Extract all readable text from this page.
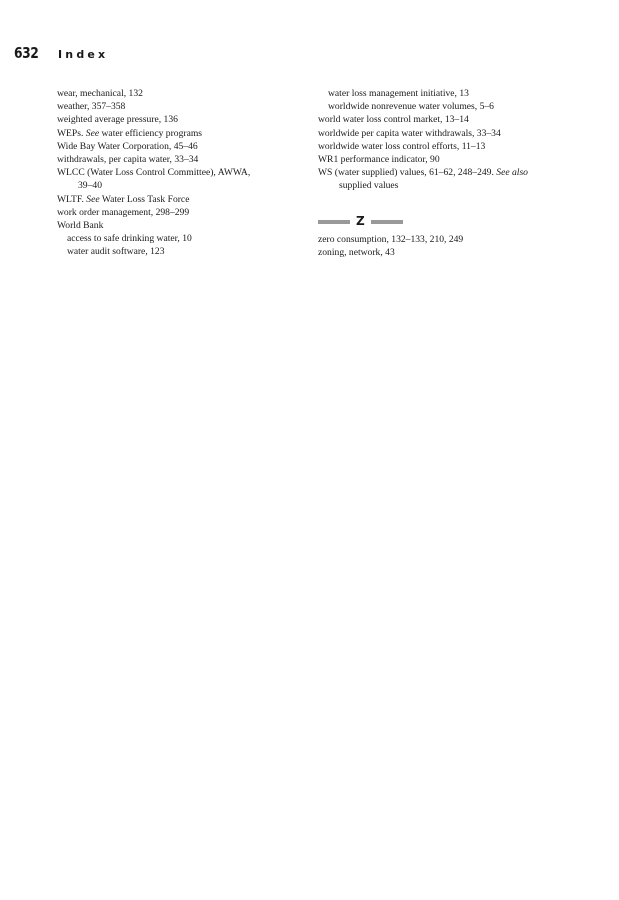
632 Index
wear, mechanical, 132
weather, 357–358
weighted average pressure, 136
WEPs. See water efficiency programs
Wide Bay Water Corporation, 45–46
withdrawals, per capita water, 33–34
WLCC (Water Loss Control Committee), AWWA,
39–40
WLTF. See Water Loss Task Force
work order management, 298–299
World Bank
access to safe drinking water, 10
water audit software, 123
water loss management initiative, 13
worldwide nonrevenue water volumes, 5–6
world water loss control market, 13–14
worldwide per capita water withdrawals, 33–34
worldwide water loss control efforts, 11–13
WR1 performance indicator, 90
WS (water supplied) values, 61–62, 248–249. See also
supplied values
Z
zero consumption, 132–133, 210, 249
zoning, network, 43
